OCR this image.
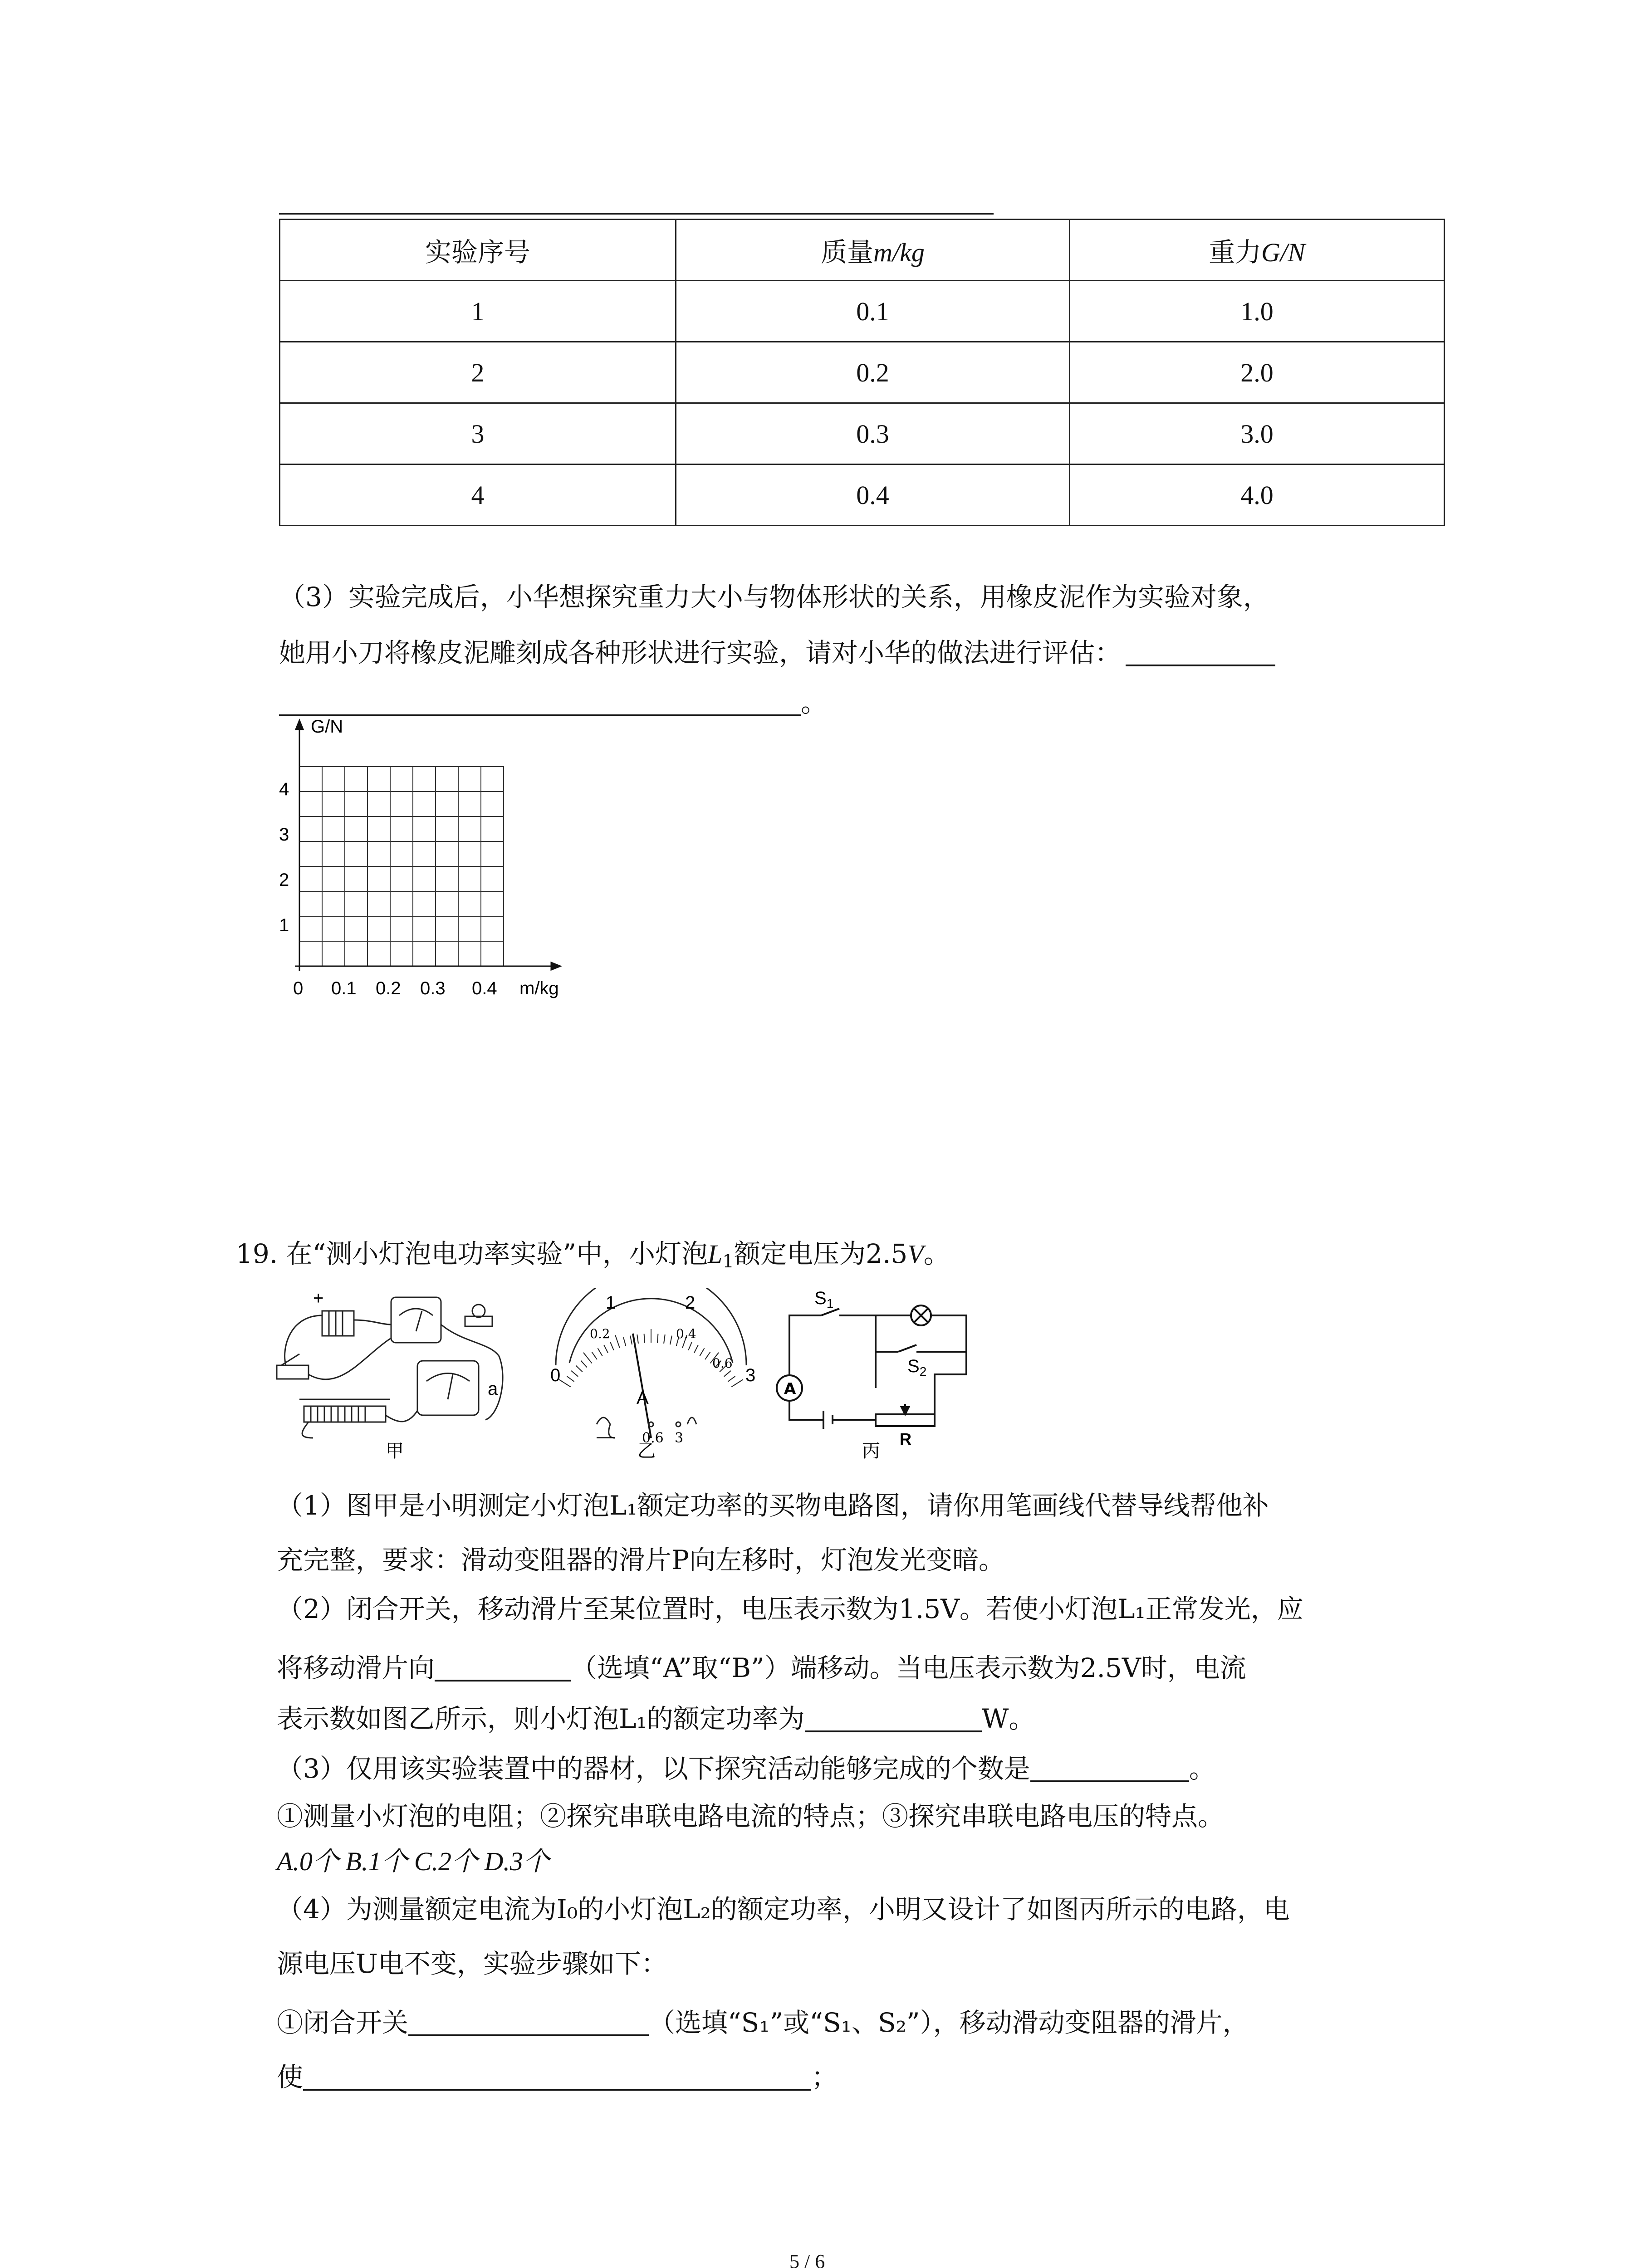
实验序号	质量m/kg	重力G/N
1	0.1	1.0
2	0.2	2.0
3	0.3	3.0
4	0.4	4.0
（3）实验完成后，小华想探究重力大小与物体形状的关系，用橡皮泥作为实验对象，
她用小刀将橡皮泥雕刻成各种形状进行实验，请对小华的做法进行评估：
。
G/N
m/kg
0
1
2
3
4
0.1 0.2 0.3 0.4
19. 在“测小灯泡电功率实验”中，小灯泡$L_1$额定电压为2.5V。
+
a
甲
0
1	2
3
0.2	0.4
0.6
A
— 0.6 3
乙
A
$S_1$
$S_2$
R
丙
（1）图甲是小明测定小灯泡L₁额定功率的买物电路图，请你用笔画线代替导线帮他补
充完整，要求：滑动变阻器的滑片P向左移时，灯泡发光变暗。
（2）闭合开关，移动滑片至某位置时，电压表示数为1.5V。若使小灯泡L₁正常发光，应
将移动滑片向	（选填“A”取“B”）端移动。当电压表示数为2.5V时，电流
表示数如图乙所示，则小灯泡L₁的额定功率为	W。
（3）仅用该实验装置中的器材，以下探究活动能够完成的个数是	。
①测量小灯泡的电阻；②探究串联电路电流的特点；③探究串联电路电压的特点。
A.0个 B.1个 C.2个 D.3个
（4）为测量额定电流为I₀的小灯泡L₂的额定功率，小明又设计了如图丙所示的电路，电
源电压U电不变，实验步骤如下：
①闭合开关	（选填“S₁”或“S₁、S₂”），移动滑动变阻器的滑片，
使	；
5 / 6
